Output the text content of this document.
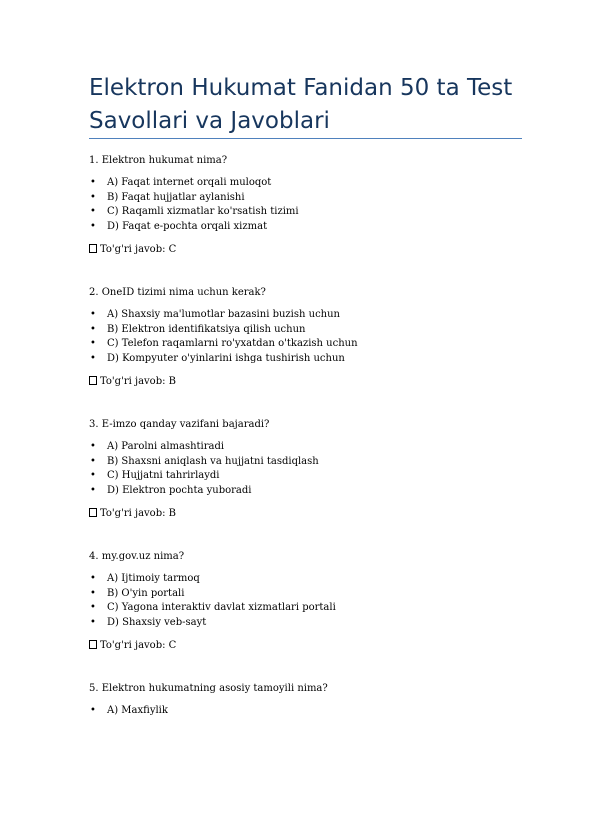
Elektron Hukumat Fanidan 50 ta Test Savollari va Javoblari
1. Elektron hukumat nima?
• A) Faqat internet orqali muloqot
• B) Faqat hujjatlar aylanishi
• C) Raqamli xizmatlar ko'rsatish tizimi
• D) Faqat e-pochta orqali xizmat
To'g'ri javob: C
2. OneID tizimi nima uchun kerak?
• A) Shaxsiy ma'lumotlar bazasini buzish uchun
• B) Elektron identifikatsiya qilish uchun
• C) Telefon raqamlarni ro'yxatdan o'tkazish uchun
• D) Kompyuter o'yinlarini ishga tushirish uchun
To'g'ri javob: B
3. E-imzo qanday vazifani bajaradi?
• A) Parolni almashtiradi
• B) Shaxsni aniqlash va hujjatni tasdiqlash
• C) Hujjatni tahrirlaydi
• D) Elektron pochta yuboradi
To'g'ri javob: B
4. my.gov.uz nima?
• A) Ijtimoiy tarmoq
• B) O'yin portali
• C) Yagona interaktiv davlat xizmatlari portali
• D) Shaxsiy veb-sayt
To'g'ri javob: C
5. Elektron hukumatning asosiy tamoyili nima?
• A) Maxfiylik
